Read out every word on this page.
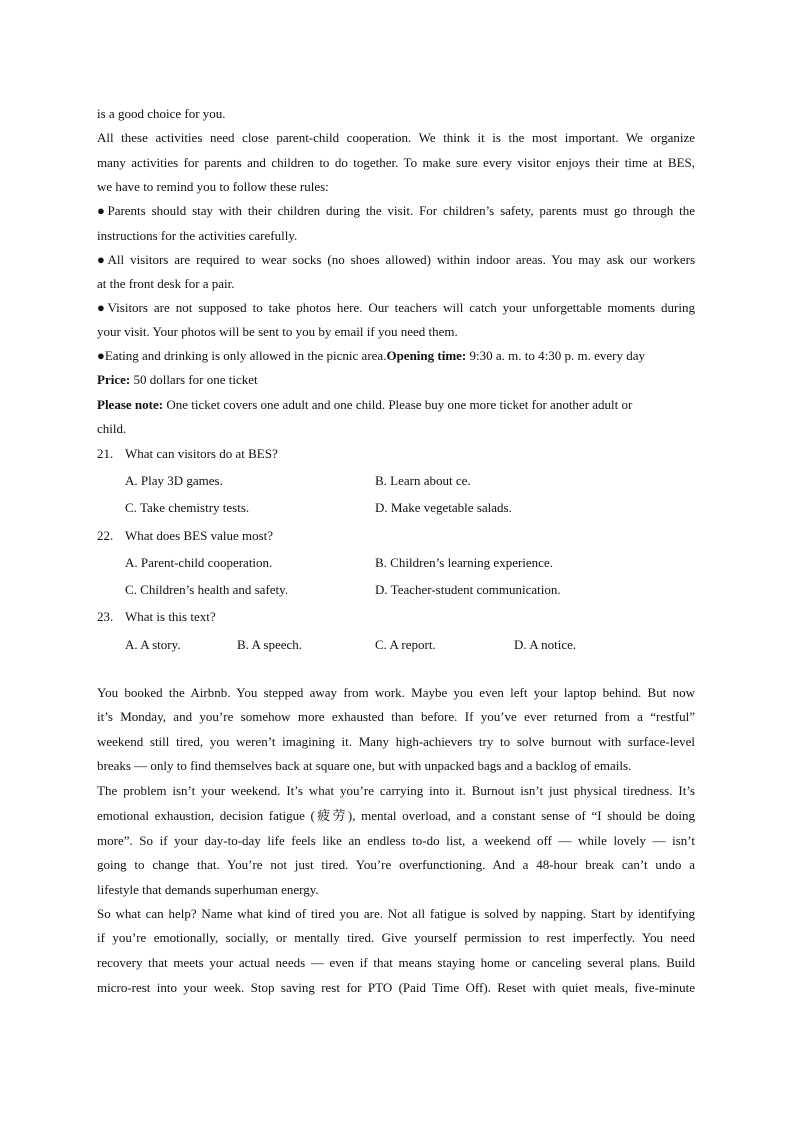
is a good choice for you.
All these activities need close parent-child cooperation. We think it is the most important. We organize
many activities for parents and children to do together. To make sure every visitor enjoys their time at BES,
we have to remind you to follow these rules:
●Parents should stay with their children during the visit. For children’s safety, parents must go through the
instructions for the activities carefully.
●All visitors are required to wear socks (no shoes allowed) within indoor areas. You may ask our workers
at the front desk for a pair.
●Visitors are not supposed to take photos here. Our teachers will catch your unforgettable moments during
your visit. Your photos will be sent to you by email if you need them.
●Eating and drinking is only allowed in the picnic area.Opening time: 9:30 a. m. to 4:30 p. m. every day
Price: 50 dollars for one ticket
Please note: One ticket covers one adult and one child. Please buy one more ticket for another adult or
child.
21. What can visitors do at BES?
A. Play 3D games.	B. Learn about ce.
C. Take chemistry tests.	D. Make vegetable salads.
22. What does BES value most?
A. Parent-child cooperation.	B. Children’s learning experience.
C. Children’s health and safety.	D. Teacher-student communication.
23. What is this text?
A. A story.	B. A speech.	C. A report.	D. A notice.
You booked the Airbnb. You stepped away from work. Maybe you even left your laptop behind. But now
it’s Monday, and you’re somehow more exhausted than before. If you’ve ever returned from a “restful”
weekend still tired, you weren’t imagining it. Many high-achievers try to solve burnout with surface-level
breaks — only to find themselves back at square one, but with unpacked bags and a backlog of emails.
The problem isn’t your weekend. It’s what you’re carrying into it. Burnout isn’t just physical tiredness. It’s
emotional exhaustion, decision fatigue (疲劳), mental overload, and a constant sense of “I should be doing
more”. So if your day-to-day life feels like an endless to-do list, a weekend off — while lovely — isn’t
going to change that. You’re not just tired. You’re overfunctioning. And a 48-hour break can’t undo a
lifestyle that demands superhuman energy.
So what can help? Name what kind of tired you are. Not all fatigue is solved by napping. Start by identifying
if you’re emotionally, socially, or mentally tired. Give yourself permission to rest imperfectly. You need
recovery that meets your actual needs — even if that means staying home or canceling several plans. Build
micro-rest into your week. Stop saving rest for PTO (Paid Time Off). Reset with quiet meals, five-minute
